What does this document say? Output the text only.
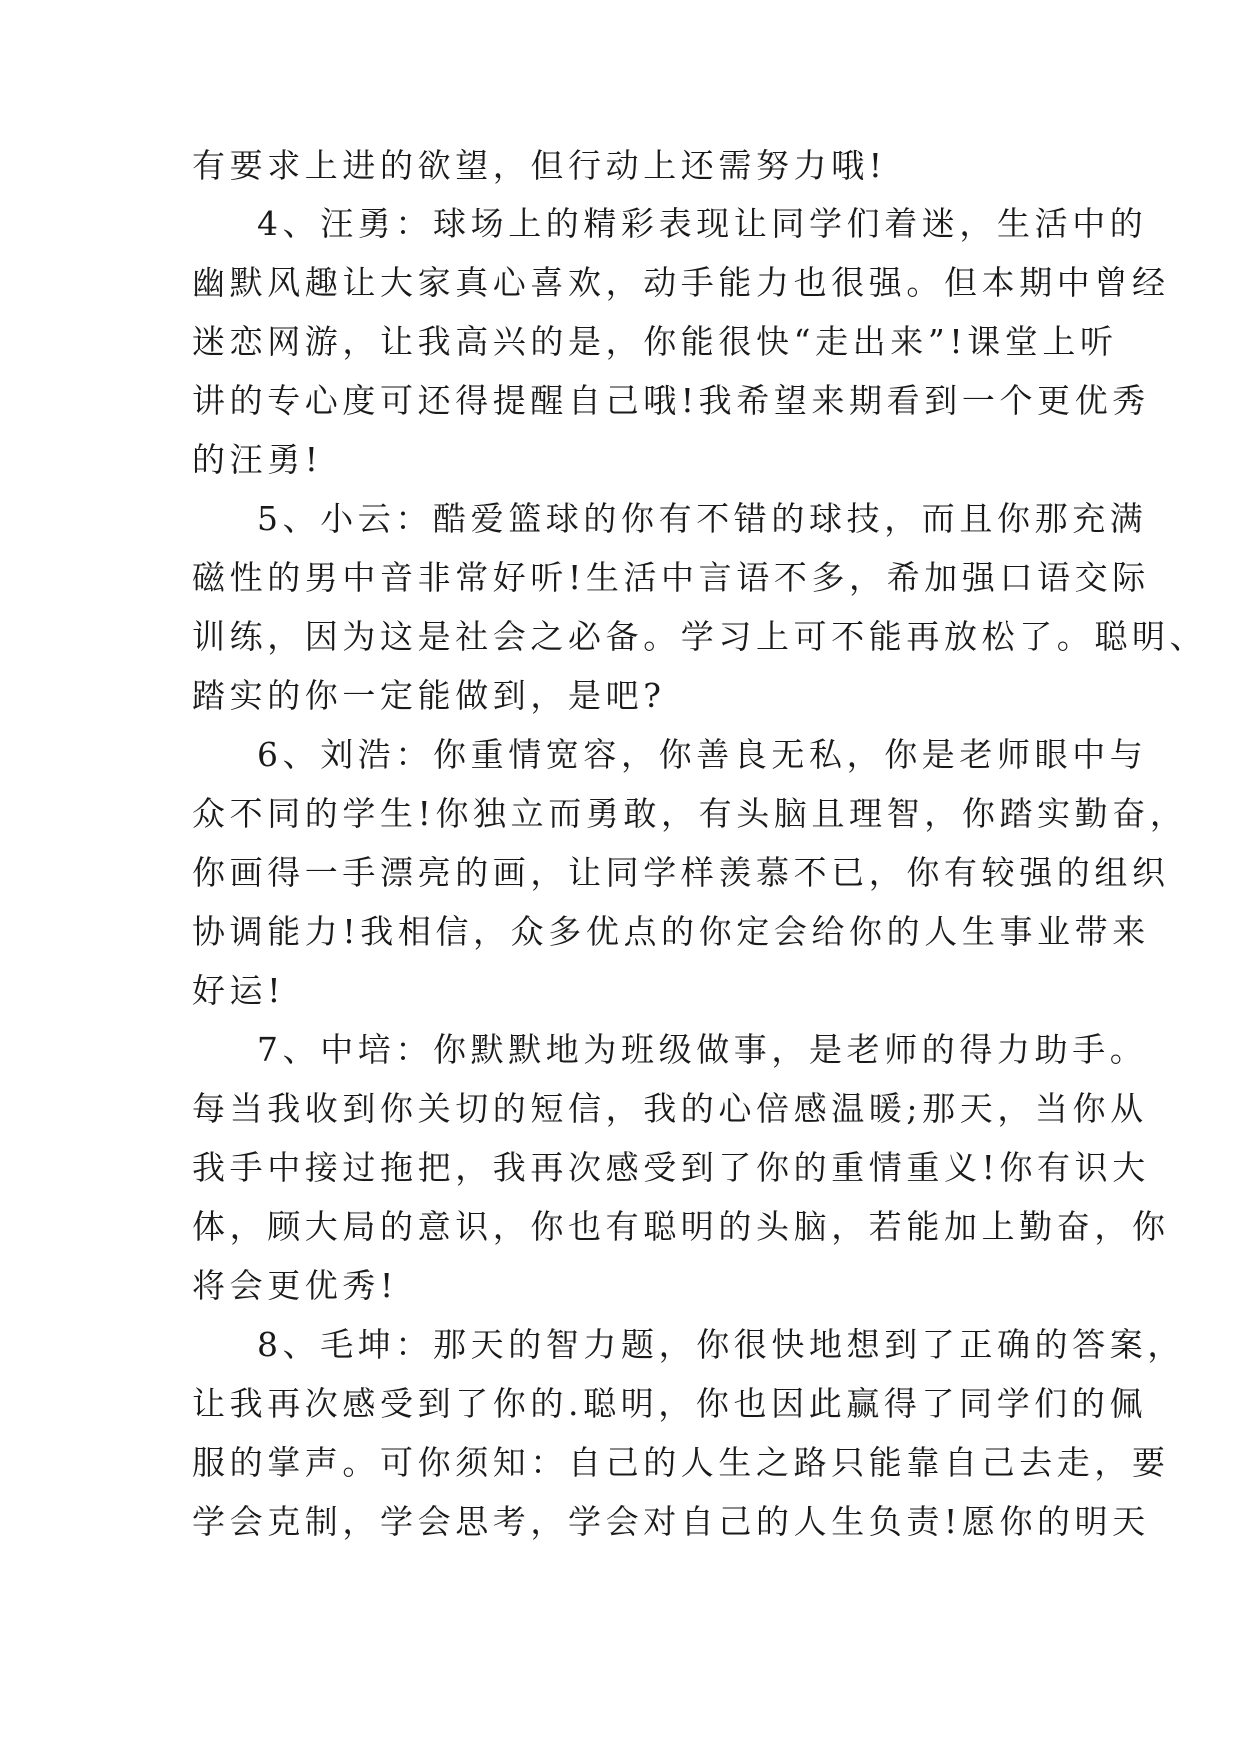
有要求上进的欲望，但行动上还需努力哦!
4、汪勇：球场上的精彩表现让同学们着迷，生活中的
幽默风趣让大家真心喜欢，动手能力也很强。但本期中曾经
迷恋网游，让我高兴的是，你能很快“走出来”!课堂上听
讲的专心度可还得提醒自己哦!我希望来期看到一个更优秀
的汪勇!
5、小云：酷爱篮球的你有不错的球技，而且你那充满
磁性的男中音非常好听!生活中言语不多，希加强口语交际
训练，因为这是社会之必备。学习上可不能再放松了。聪明、
踏实的你一定能做到，是吧?
6、刘浩：你重情宽容，你善良无私，你是老师眼中与
众不同的学生!你独立而勇敢，有头脑且理智，你踏实勤奋，
你画得一手漂亮的画，让同学样羡慕不已，你有较强的组织
协调能力!我相信，众多优点的你定会给你的人生事业带来
好运!
7、中培：你默默地为班级做事，是老师的得力助手。
每当我收到你关切的短信，我的心倍感温暖;那天，当你从
我手中接过拖把，我再次感受到了你的重情重义!你有识大
体，顾大局的意识，你也有聪明的头脑，若能加上勤奋，你
将会更优秀!
8、毛坤：那天的智力题，你很快地想到了正确的答案，
让我再次感受到了你的.聪明，你也因此赢得了同学们的佩
服的掌声。可你须知：自己的人生之路只能靠自己去走，要
学会克制，学会思考，学会对自己的人生负责!愿你的明天
